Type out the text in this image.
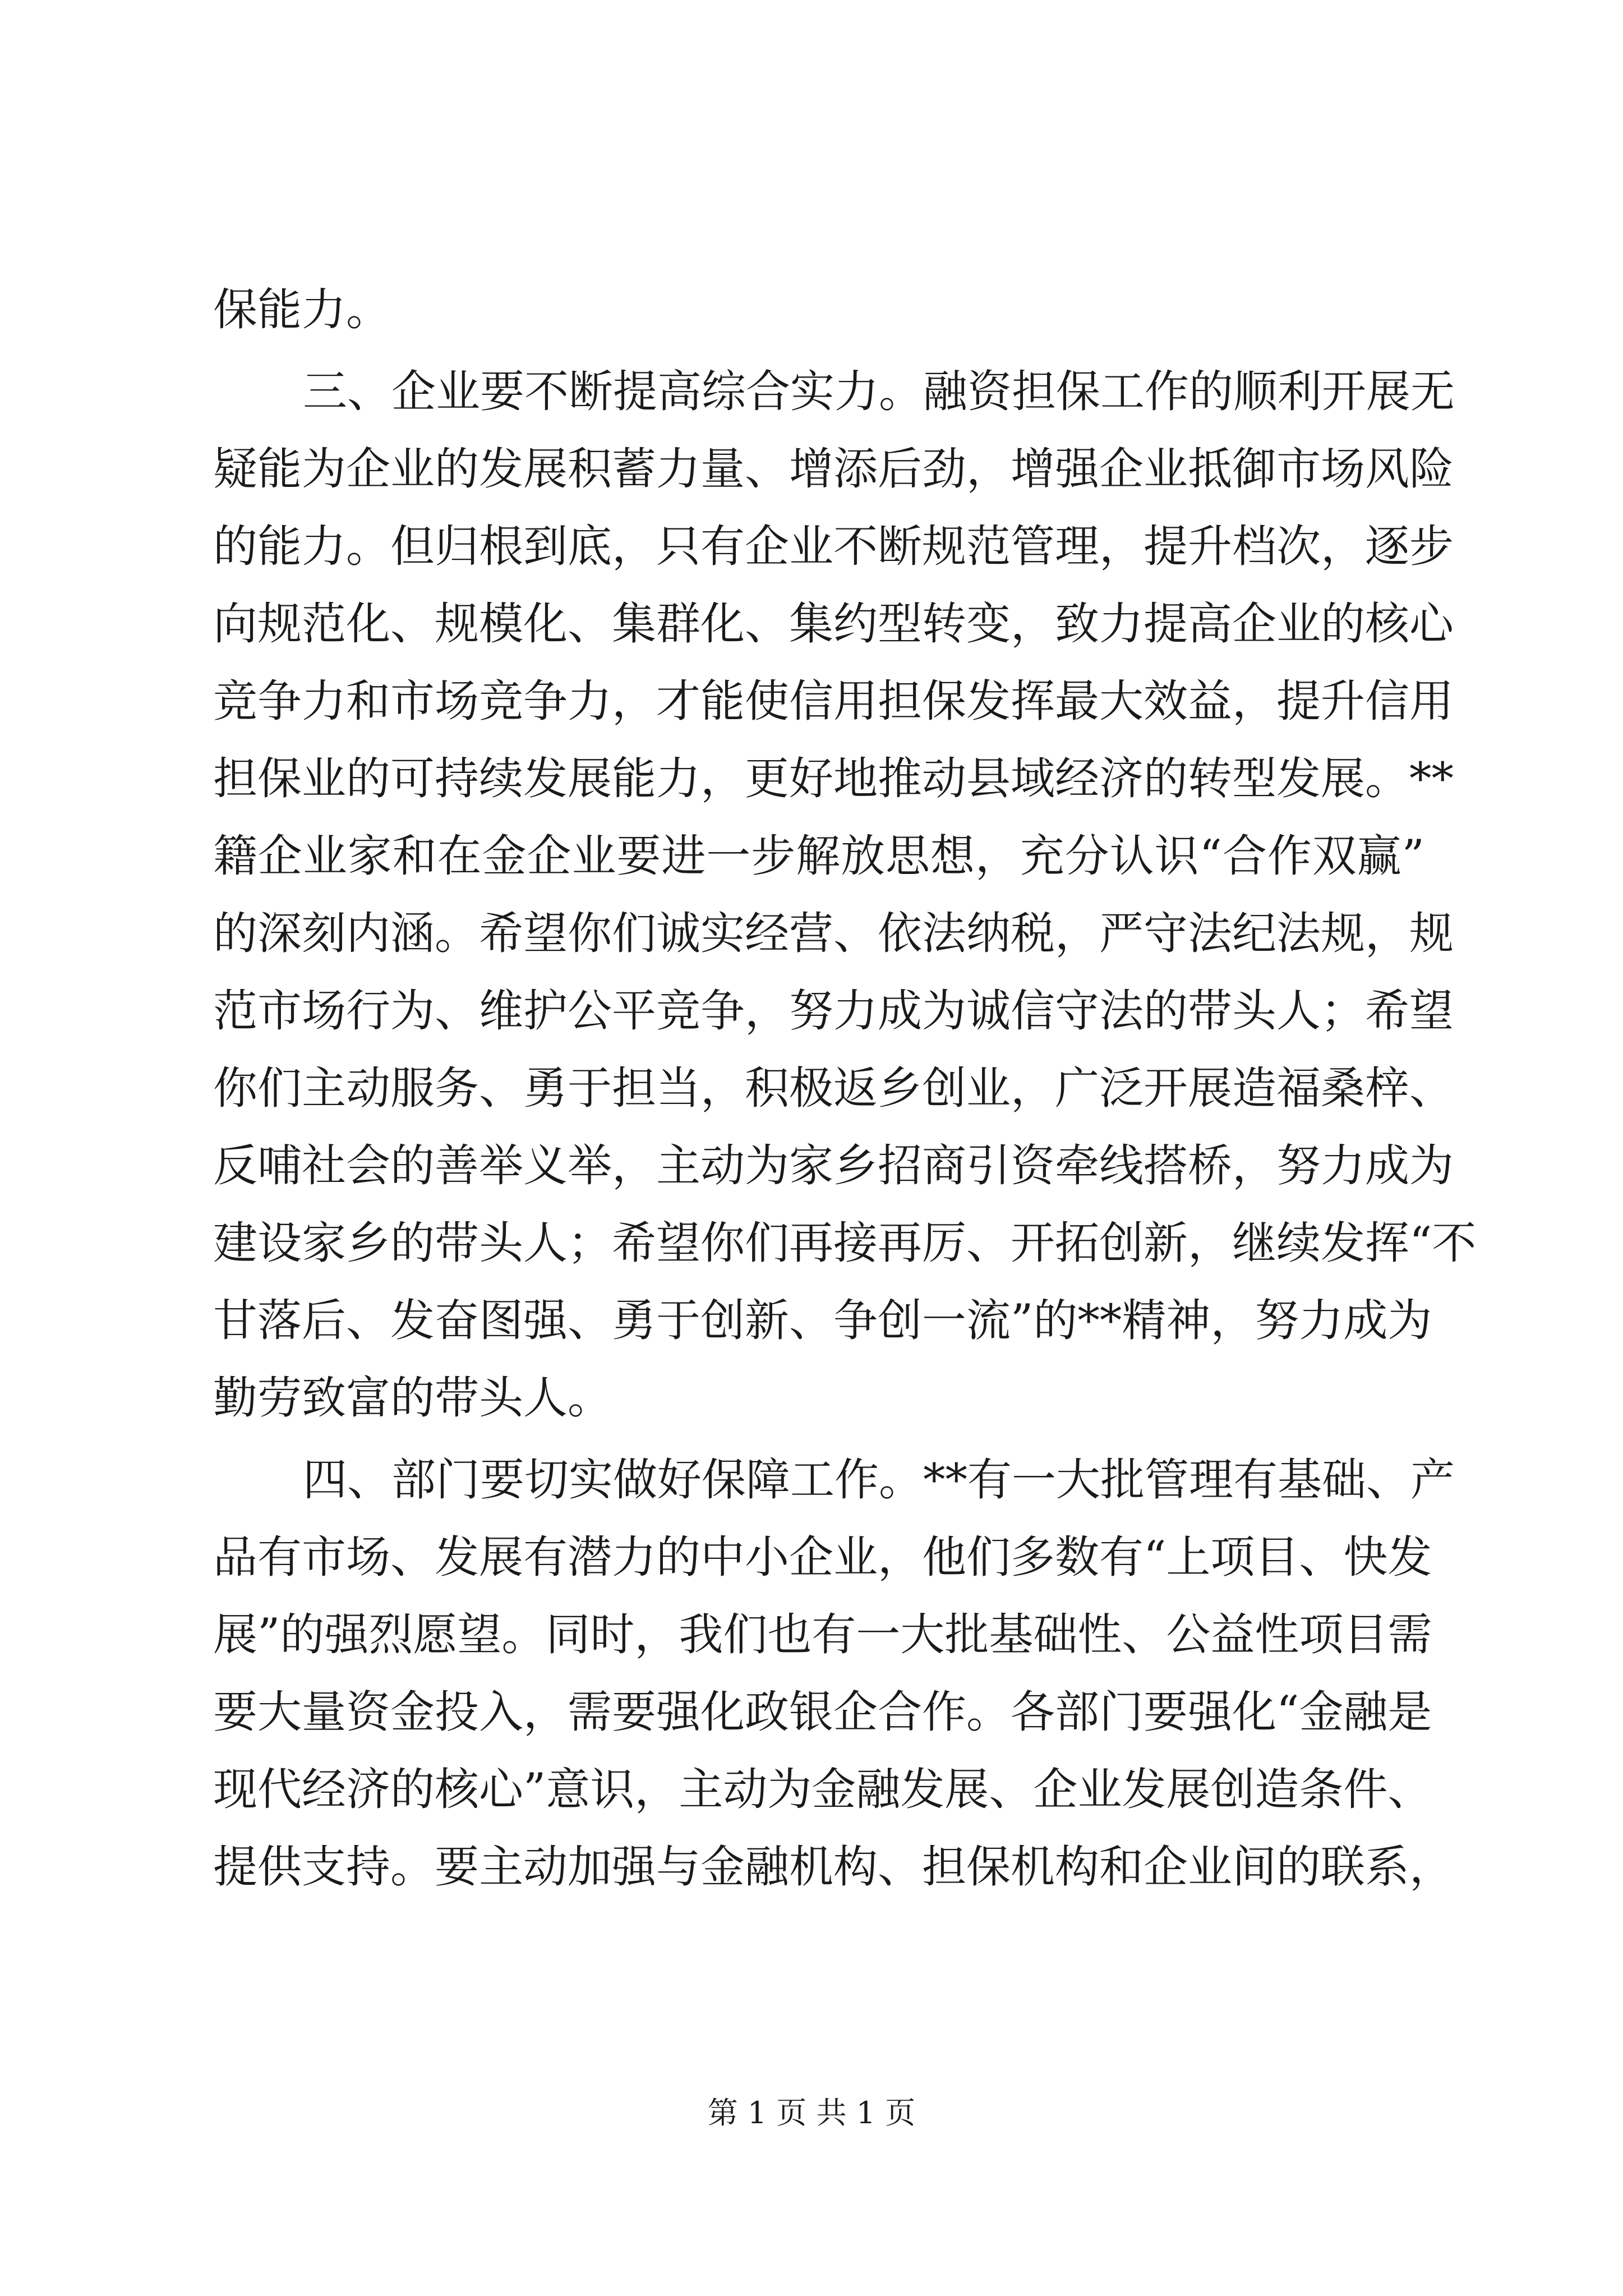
保能力。
三、企业要不断提高综合实力。融资担保工作的顺利开展无
疑能为企业的发展积蓄力量、增添后劲，增强企业抵御市场风险
的能力。但归根到底，只有企业不断规范管理，提升档次，逐步
向规范化、规模化、集群化、集约型转变，致力提高企业的核心
竞争力和市场竞争力，才能使信用担保发挥最大效益，提升信用
担保业的可持续发展能力，更好地推动县域经济的转型发展。**
籍企业家和在金企业要进一步解放思想，充分认识“合作双赢”
的深刻内涵。希望你们诚实经营、依法纳税，严守法纪法规，规
范市场行为、维护公平竞争，努力成为诚信守法的带头人；希望
你们主动服务、勇于担当，积极返乡创业，广泛开展造福桑梓、
反哺社会的善举义举，主动为家乡招商引资牵线搭桥，努力成为
建设家乡的带头人；希望你们再接再厉、开拓创新，继续发挥“不
甘落后、发奋图强、勇于创新、争创一流”的**精神，努力成为
勤劳致富的带头人。
四、部门要切实做好保障工作。**有一大批管理有基础、产
品有市场、发展有潜力的中小企业，他们多数有“上项目、快发
展”的强烈愿望。同时，我们也有一大批基础性、公益性项目需
要大量资金投入，需要强化政银企合作。各部门要强化“金融是
现代经济的核心”意识，主动为金融发展、企业发展创造条件、
提供支持。要主动加强与金融机构、担保机构和企业间的联系，
第 1 页 共 1 页
